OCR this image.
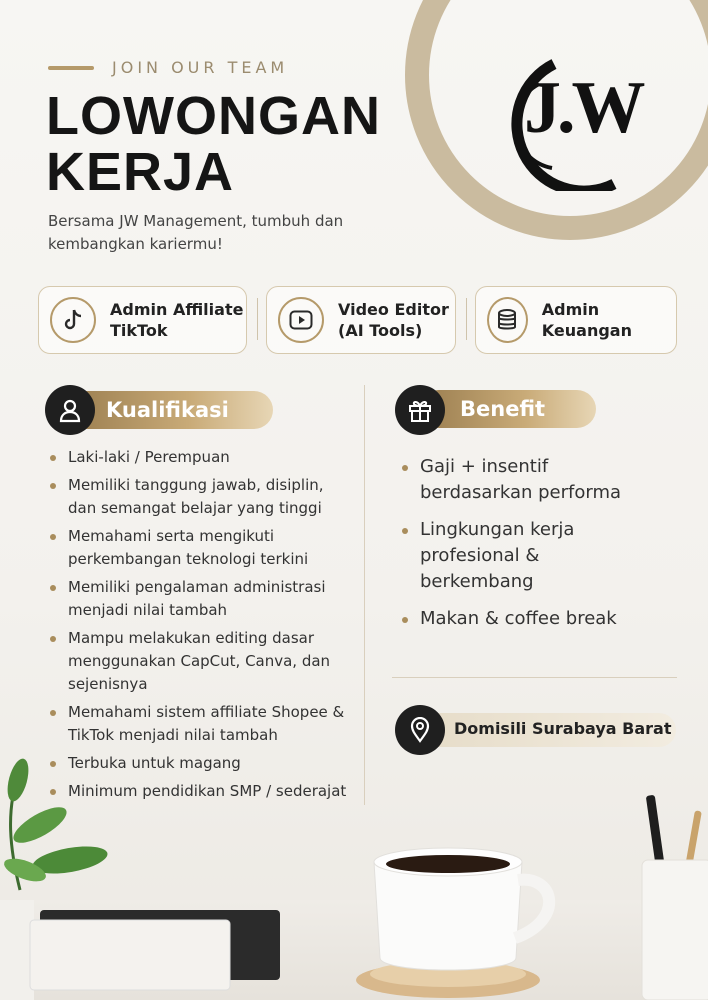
JOIN OUR TEAM
LOWONGAN
KERJA
Bersama JW Management, tumbuh dan kembangkan kariermu!
J.W
Admin Affiliate
TikTok
Video Editor
(AI Tools)
Admin Keuangan
Kualifikasi
Laki-laki / Perempuan
Memiliki tanggung jawab, disiplin, dan semangat belajar yang tinggi
Memahami serta mengikuti perkembangan teknologi terkini
Memiliki pengalaman administrasi menjadi nilai tambah
Mampu melakukan editing dasar menggunakan CapCut, Canva, dan sejenisnya
Memahami sistem affiliate Shopee & TikTok menjadi nilai tambah
Terbuka untuk magang
Minimum pendidikan SMP / sederajat
Benefit
Gaji + insentif berdasarkan performa
Lingkungan kerja profesional & berkembang
Makan & coffee break
Domisili Surabaya Barat
